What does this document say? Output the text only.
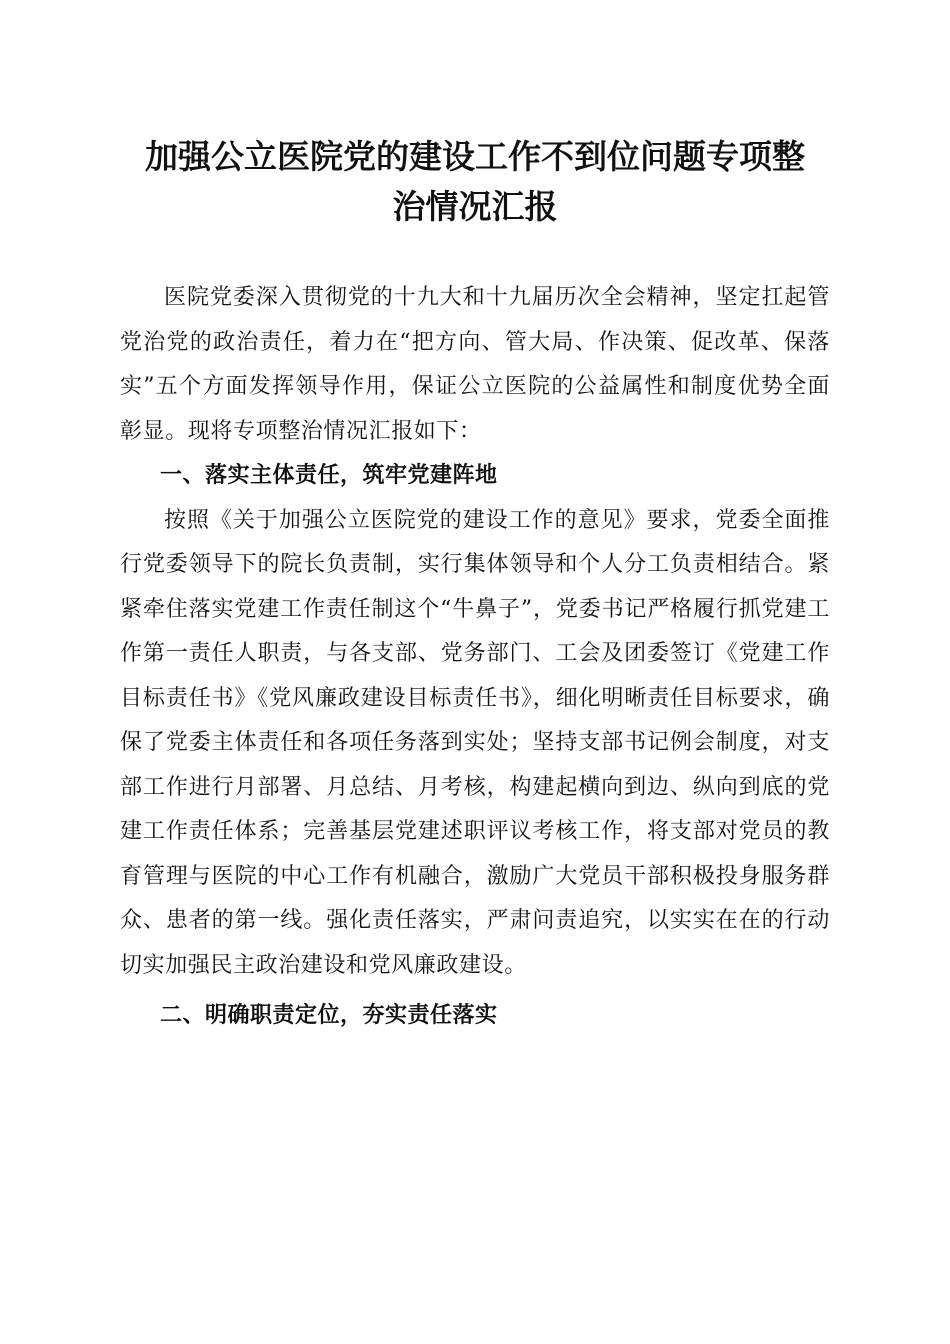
加强公立医院党的建设工作不到位问题专项整
治情况汇报

医院党委深入贯彻党的十九大和十九届历次全会精神，坚定扛起管党治党的政治责任，着力在“把方向、管大局、作决策、促改革、保落实”五个方面发挥领导作用，保证公立医院的公益属性和制度优势全面彰显。现将专项整治情况汇报如下：

一、落实主体责任，筑牢党建阵地

按照《关于加强公立医院党的建设工作的意见》要求，党委全面推行党委领导下的院长负责制，实行集体领导和个人分工负责相结合。紧紧牵住落实党建工作责任制这个“牛鼻子”，党委书记严格履行抓党建工作第一责任人职责，与各支部、党务部门、工会及团委签订《党建工作目标责任书》《党风廉政建设目标责任书》，细化明晰责任目标要求，确保了党委主体责任和各项任务落到实处；坚持支部书记例会制度，对支部工作进行月部署、月总结、月考核，构建起横向到边、纵向到底的党建工作责任体系；完善基层党建述职评议考核工作，将支部对党员的教育管理与医院的中心工作有机融合，激励广大党员干部积极投身服务群众、患者的第一线。强化责任落实，严肃问责追究，以实实在在的行动切实加强民主政治建设和党风廉政建设。

二、明确职责定位，夯实责任落实
